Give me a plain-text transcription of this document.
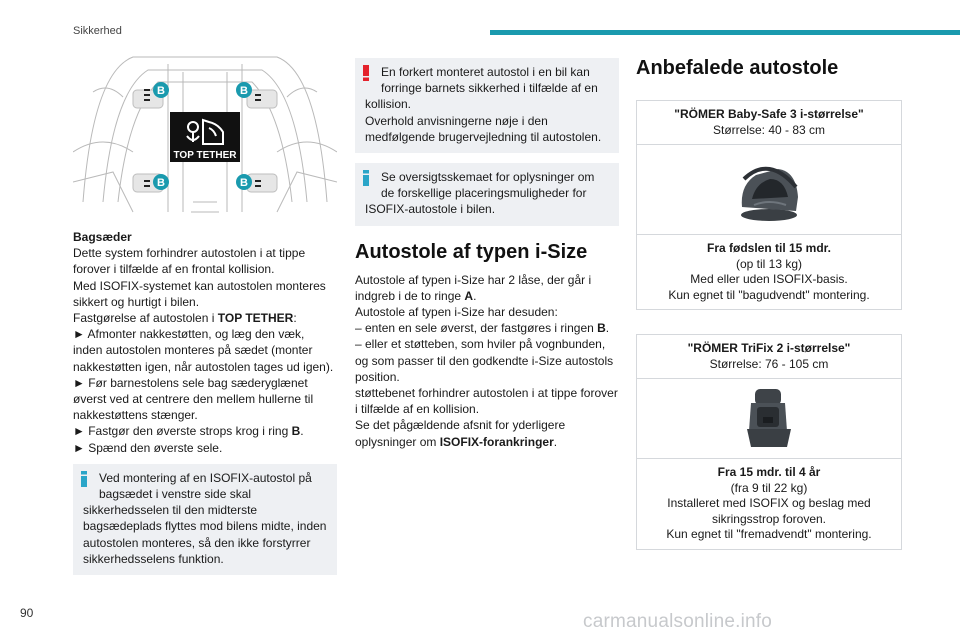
Sikkerhed
B	B
B	B
TOP TETHER
Bagsæder
Dette system forhindrer autostolen i at tippe forover i tilfælde af en frontal kollision.
Med ISOFIX-systemet kan autostolen monteres sikkert og hurtigt i bilen.
Fastgørelse af autostolen i TOP TETHER:
► Afmonter nakkestøtten, og læg den væk, inden autostolen monteres på sædet (monter nakkestøtten igen, når autostolen tages ud igen).
► Før barnestolens sele bag sæderyglænet øverst ved at centrere den mellem hullerne til nakkestøttens stænger.
► Fastgør den øverste strops krog i ring B.
► Spænd den øverste sele.
Ved montering af en ISOFIX-autostol på
bagsædet i venstre side skal
sikkerhedsselen til den midterste bagsædeplads flyttes mod bilens midte, inden autostolen monteres, så den ikke forstyrrer sikkerhedsselens funktion.
En forkert monteret autostol i en bil kan
forringe barnets sikkerhed i tilfælde af en
kollision.
Overhold anvisningerne nøje i den medfølgende brugervejledning til autostolen.
Se oversigtsskemaet for oplysninger om
de forskellige placeringsmuligheder for
ISOFIX-autostole i bilen.
Autostole af typen i-Size
Autostole af typen i-Size har 2 låse, der går i indgreb i de to ringe A.
Autostole af typen i-Size har desuden:
– enten en sele øverst, der fastgøres i ringen B.
– eller et støtteben, som hviler på vognbunden, og som passer til den godkendte i-Size autostols position.
støttebenet forhindrer autostolen i at tippe forover i tilfælde af en kollision.
Se det pågældende afsnit for yderligere oplysninger om ISOFIX-forankringer.
Anbefalede autostole
"RÖMER Baby-Safe 3 i-størrelse"
Størrelse: 40 - 83 cm
Fra fødslen til 15 mdr.
(op til 13 kg)
Med eller uden ISOFIX-basis.
Kun egnet til "bagudvendt" montering.
"RÖMER TriFix 2 i-størrelse"
Størrelse: 76 - 105 cm
Fra 15 mdr. til 4 år
(fra 9 til 22 kg)
Installeret med ISOFIX og beslag med sikringsstrop foroven.
Kun egnet til "fremadvendt" montering.
90	carmanualsonline.info
